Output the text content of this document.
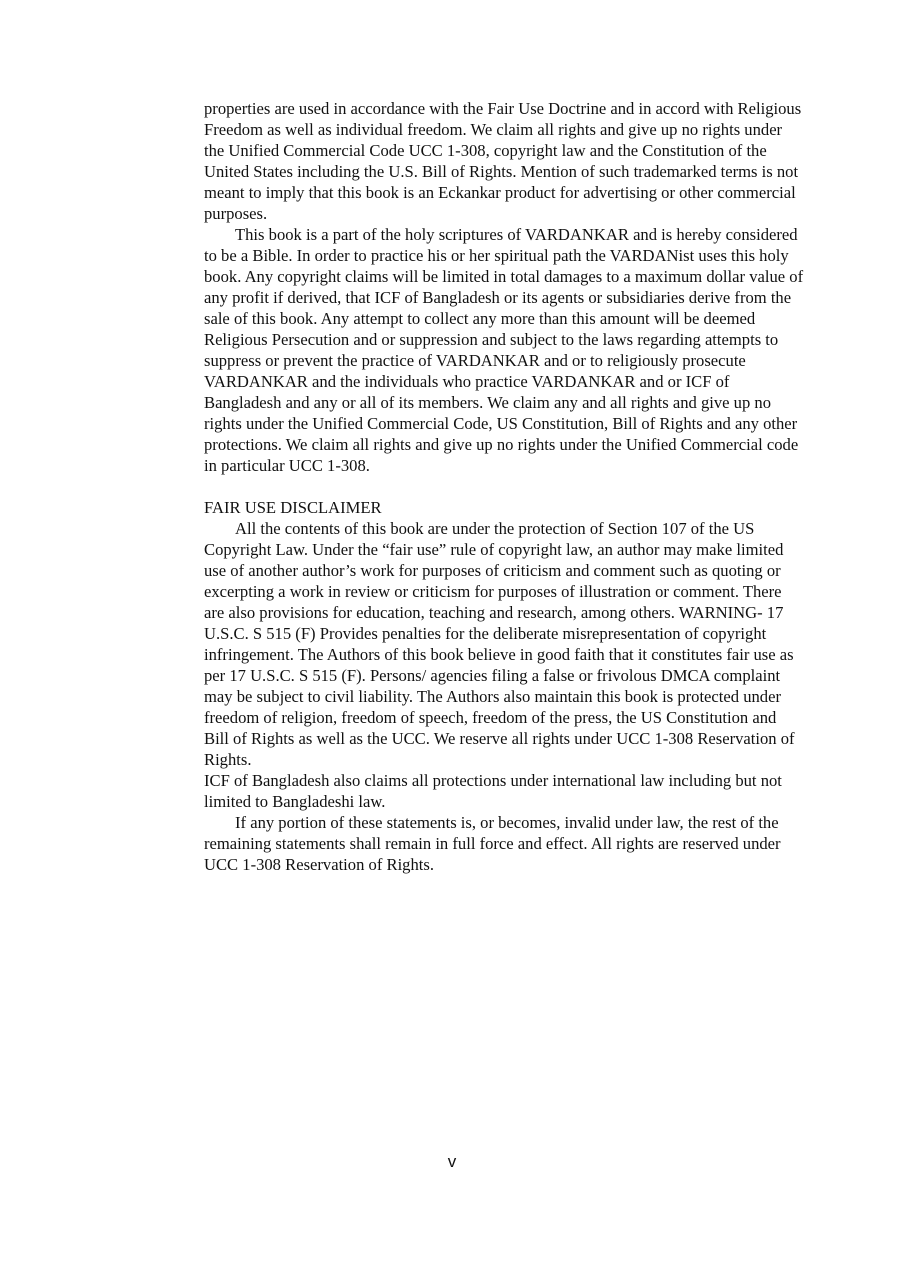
properties are used in accordance with the Fair Use Doctrine and in accord with Religious Freedom as well as individual freedom. We claim all rights and give up no rights under the Unified Commercial Code UCC 1-308, copyright law and the Constitution of the United States including the U.S. Bill of Rights. Mention of such trademarked terms is not meant to imply that this book is an Eckankar product for advertising or other commercial purposes.

This book is a part of the holy scriptures of VARDANKAR and is hereby considered to be a Bible. In order to practice his or her spiritual path the VARDANist uses this holy book. Any copyright claims will be limited in total damages to a maximum dollar value of any profit if derived, that ICF of Bangladesh or its agents or subsidiaries derive from the sale of this book. Any attempt to collect any more than this amount will be deemed Religious Persecution and or suppression and subject to the laws regarding attempts to suppress or prevent the practice of VARDANKAR and or to religiously prosecute VARDANKAR and the individuals who practice VARDANKAR and or ICF of Bangladesh and any or all of its members. We claim any and all rights and give up no rights under the Unified Commercial Code, US Constitution, Bill of Rights and any other protections. We claim all rights and give up no rights under the Unified Commercial code in particular UCC 1-308.

FAIR USE DISCLAIMER

All the contents of this book are under the protection of Section 107 of the US Copyright Law. Under the “fair use” rule of copyright law, an author may make limited use of another author’s work for purposes of criticism and comment such as quoting or excerpting a work in review or criticism for purposes of illustration or comment. There are also provisions for education, teaching and research, among others. WARNING- 17 U.S.C. S 515 (F) Provides penalties for the deliberate misrepresentation of copyright infringement. The Authors of this book believe in good faith that it constitutes fair use as per 17 U.S.C. S 515 (F). Persons/ agencies filing a false or frivolous DMCA complaint may be subject to civil liability. The Authors also maintain this book is protected under freedom of religion, freedom of speech, freedom of the press, the US Constitution and Bill of Rights as well as the UCC. We reserve all rights under UCC 1-308 Reservation of Rights.

ICF of Bangladesh also claims all protections under international law including but not limited to Bangladeshi law.

If any portion of these statements is, or becomes, invalid under law, the rest of the remaining statements shall remain in full force and effect. All rights are reserved under UCC 1-308 Reservation of Rights.

v
